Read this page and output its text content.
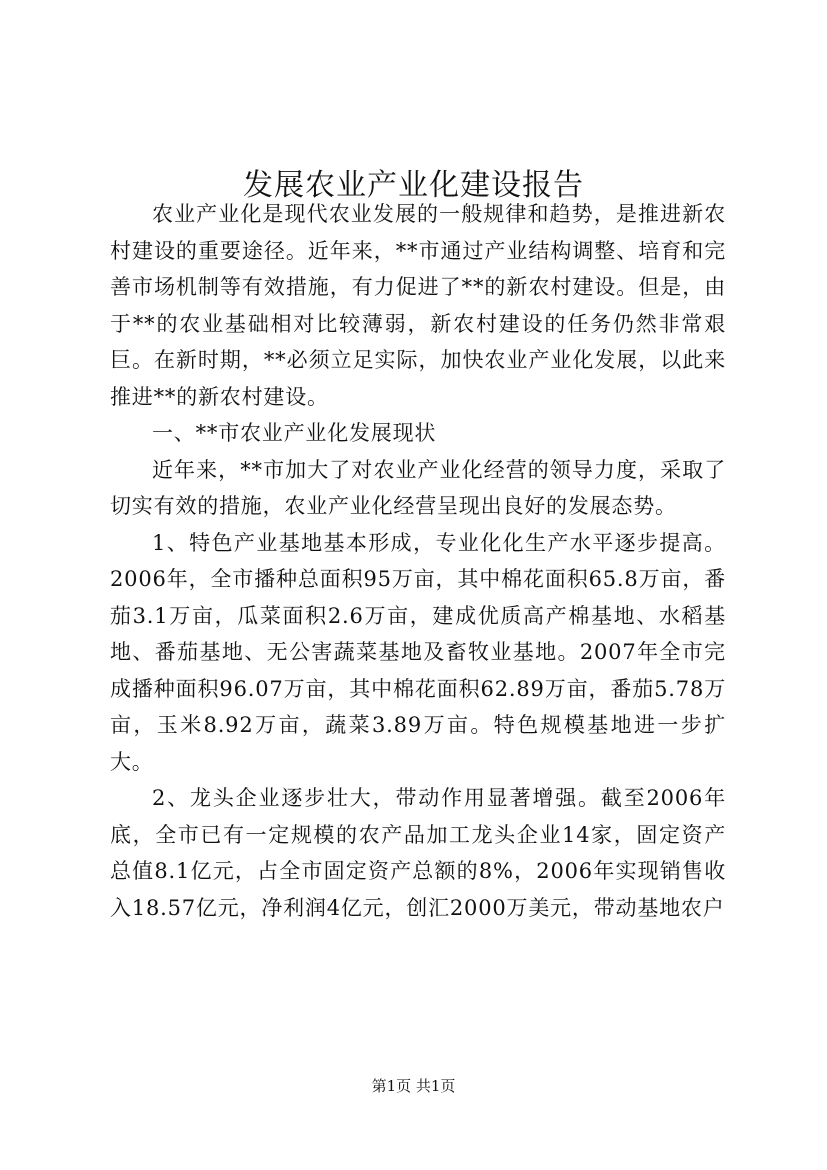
发展农业产业化建设报告

农业产业化是现代农业发展的一般规律和趋势，是推进新农村建设的重要途径。近年来，**市通过产业结构调整、培育和完善市场机制等有效措施，有力促进了**的新农村建设。但是，由于**的农业基础相对比较薄弱，新农村建设的任务仍然非常艰巨。在新时期，**必须立足实际，加快农业产业化发展，以此来推进**的新农村建设。

一、**市农业产业化发展现状

近年来，**市加大了对农业产业化经营的领导力度，采取了切实有效的措施，农业产业化经营呈现出良好的发展态势。

1、特色产业基地基本形成，专业化化生产水平逐步提高。2006年，全市播种总面积95万亩，其中棉花面积65.8万亩，番茄3.1万亩，瓜菜面积2.6万亩，建成优质高产棉基地、水稻基地、番茄基地、无公害蔬菜基地及畜牧业基地。2007年全市完成播种面积96.07万亩，其中棉花面积62.89万亩，番茄5.78万亩，玉米8.92万亩，蔬菜3.89万亩。特色规模基地进一步扩大。

2、龙头企业逐步壮大，带动作用显著增强。截至2006年底，全市已有一定规模的农产品加工龙头企业14家，固定资产总值8.1亿元，占全市固定资产总额的8%，2006年实现销售收入18.57亿元，净利润4亿元，创汇2000万美元，带动基地农户

第1页 共1页
